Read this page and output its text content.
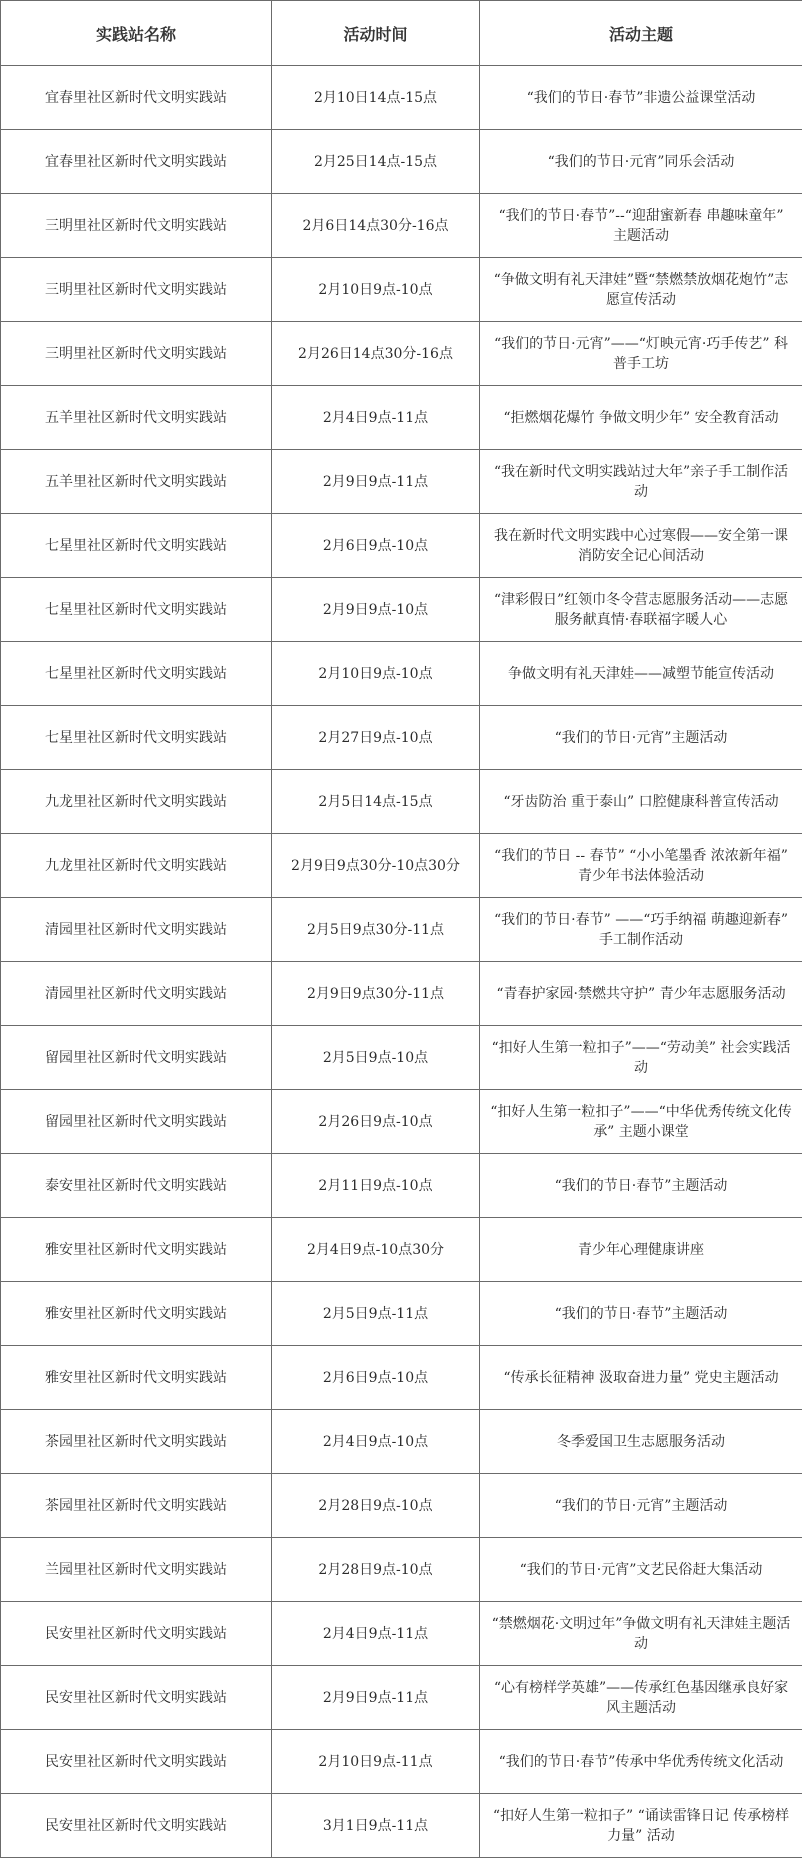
实践站名称	活动时间	活动主题
宜春里社区新时代文明实践站	2月10日14点-15点	“我们的节日·春节”非遗公益课堂活动
宜春里社区新时代文明实践站	2月25日14点-15点	“我们的节日·元宵”同乐会活动
三明里社区新时代文明实践站	2月6日14点30分-16点	“我们的节日·春节”--“迎甜蜜新春 串趣味童年” 主题活动
三明里社区新时代文明实践站	2月10日9点-10点	“争做文明有礼天津娃”暨“禁燃禁放烟花炮竹”志愿宣传活动
三明里社区新时代文明实践站	2月26日14点30分-16点	“我们的节日·元宵”——“灯映元宵·巧手传艺” 科普手工坊
五羊里社区新时代文明实践站	2月4日9点-11点	“拒燃烟花爆竹 争做文明少年” 安全教育活动
五羊里社区新时代文明实践站	2月9日9点-11点	“我在新时代文明实践站过大年”亲子手工制作活动
七星里社区新时代文明实践站	2月6日9点-10点	我在新时代文明实践中心过寒假——安全第一课消防安全记心间活动
七星里社区新时代文明实践站	2月9日9点-10点	“津彩假日”红领巾冬令营志愿服务活动——志愿服务献真情·春联福字暖人心
七星里社区新时代文明实践站	2月10日9点-10点	争做文明有礼天津娃——减塑节能宣传活动
七星里社区新时代文明实践站	2月27日9点-10点	“我们的节日·元宵”主题活动
九龙里社区新时代文明实践站	2月5日14点-15点	“牙齿防治 重于泰山” 口腔健康科普宣传活动
九龙里社区新时代文明实践站	2月9日9点30分-10点30分	“我们的节日 -- 春节” “小小笔墨香 浓浓新年福” 青少年书法体验活动
清园里社区新时代文明实践站	2月5日9点30分-11点	“我们的节日·春节” ——“巧手纳福 萌趣迎新春” 手工制作活动
清园里社区新时代文明实践站	2月9日9点30分-11点	“青春护家园·禁燃共守护” 青少年志愿服务活动
留园里社区新时代文明实践站	2月5日9点-10点	“扣好人生第一粒扣子”——“劳动美” 社会实践活动
留园里社区新时代文明实践站	2月26日9点-10点	“扣好人生第一粒扣子”——“中华优秀传统文化传承” 主题小课堂
泰安里社区新时代文明实践站	2月11日9点-10点	“我们的节日·春节”主题活动
雅安里社区新时代文明实践站	2月4日9点-10点30分	青少年心理健康讲座
雅安里社区新时代文明实践站	2月5日9点-11点	“我们的节日·春节”主题活动
雅安里社区新时代文明实践站	2月6日9点-10点	“传承长征精神 汲取奋进力量” 党史主题活动
茶园里社区新时代文明实践站	2月4日9点-10点	冬季爱国卫生志愿服务活动
茶园里社区新时代文明实践站	2月28日9点-10点	“我们的节日·元宵”主题活动
兰园里社区新时代文明实践站	2月28日9点-10点	“我们的节日·元宵”文艺民俗赶大集活动
民安里社区新时代文明实践站	2月4日9点-11点	“禁燃烟花·文明过年”争做文明有礼天津娃主题活动
民安里社区新时代文明实践站	2月9日9点-11点	“心有榜样学英雄”——传承红色基因继承良好家风主题活动
民安里社区新时代文明实践站	2月10日9点-11点	“我们的节日·春节”传承中华优秀传统文化活动
民安里社区新时代文明实践站	3月1日9点-11点	“扣好人生第一粒扣子” “诵读雷锋日记 传承榜样力量” 活动
